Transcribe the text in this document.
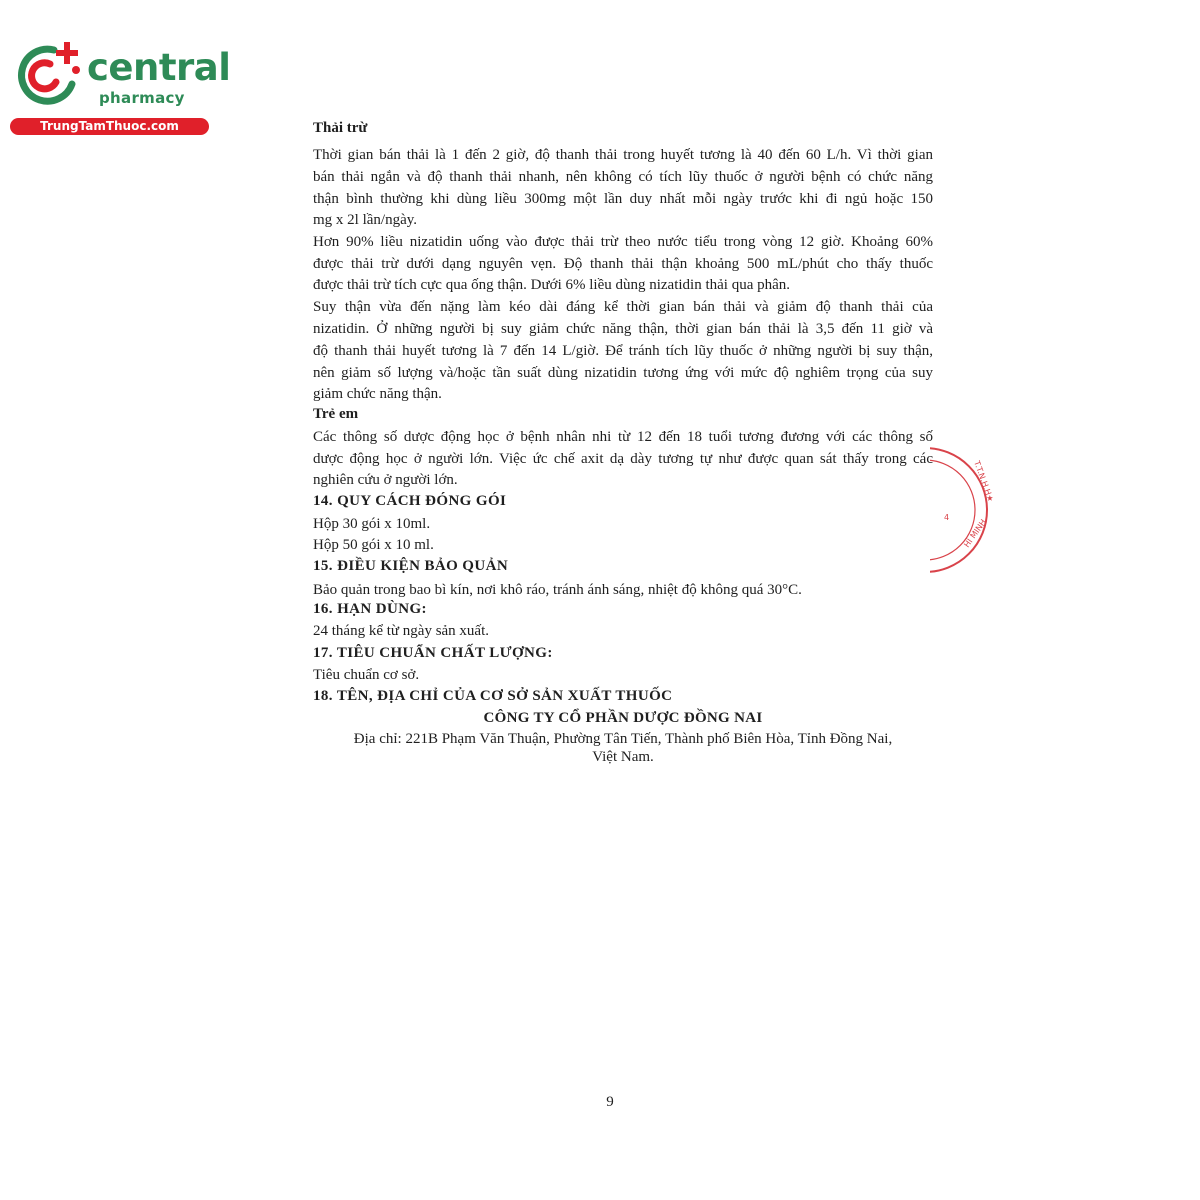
central
pharmacy
TrungTamThuoc.com	Thải trừ
Thời gian bán thải là 1 đến 2 giờ, độ thanh thải trong huyết tương là 40 đến 60 L/h. Vì thời gian
bán thải ngắn và độ thanh thải nhanh, nên không có tích lũy thuốc ở người bệnh có chức năng
thận bình thường khi dùng liều 300mg một lần duy nhất mỗi ngày trước khi đi ngủ hoặc 150
mg x 2l lần/ngày.
Hơn 90% liều nizatidin uống vào được thải trừ theo nước tiểu trong vòng 12 giờ. Khoảng 60%
được thải trừ dưới dạng nguyên vẹn. Độ thanh thải thận khoảng 500 mL/phút cho thấy thuốc
được thải trừ tích cực qua ống thận. Dưới 6% liều dùng nizatidin thải qua phân.
Suy thận vừa đến nặng làm kéo dài đáng kể thời gian bán thải và giảm độ thanh thải của
nizatidin. Ở những người bị suy giảm chức năng thận, thời gian bán thải là 3,5 đến 11 giờ và
độ thanh thải huyết tương là 7 đến 14 L/giờ. Để tránh tích lũy thuốc ở những người bị suy thận,
nên giảm số lượng và/hoặc tần suất dùng nizatidin tương ứng với mức độ nghiêm trọng của suy
giảm chức năng thận.
Trẻ em
Các thông số dược động học ở bệnh nhân nhi từ 12 đến 18 tuổi tương đương với các thông số
dược động học ở người lớn. Việc ức chế axit dạ dày tương tự như được quan sát thấy trong các
nghiên cứu ở người lớn.
14. QUY CÁCH ĐÓNG GÓI
Hộp 30 gói x 10ml.
Hộp 50 gói x 10 ml.
15. ĐIỀU KIỆN BẢO QUẢN
Bảo quản trong bao bì kín, nơi khô ráo, tránh ánh sáng, nhiệt độ không quá 30°C.
16. HẠN DÙNG:
24 tháng kể từ ngày sản xuất.
17. TIÊU CHUẨN CHẤT LƯỢNG:
Tiêu chuẩn cơ sở.
18. TÊN, ĐỊA CHỈ CỦA CƠ SỞ SẢN XUẤT THUỐC
CÔNG TY CỔ PHẦN DƯỢC ĐỒNG NAI
Địa chỉ: 221B Phạm Văn Thuận, Phường Tân Tiến, Thành phố Biên Hòa, Tỉnh Đồng Nai,
Việt Nam.
T.T.N.H.H★
HÍ MINH
4
9
